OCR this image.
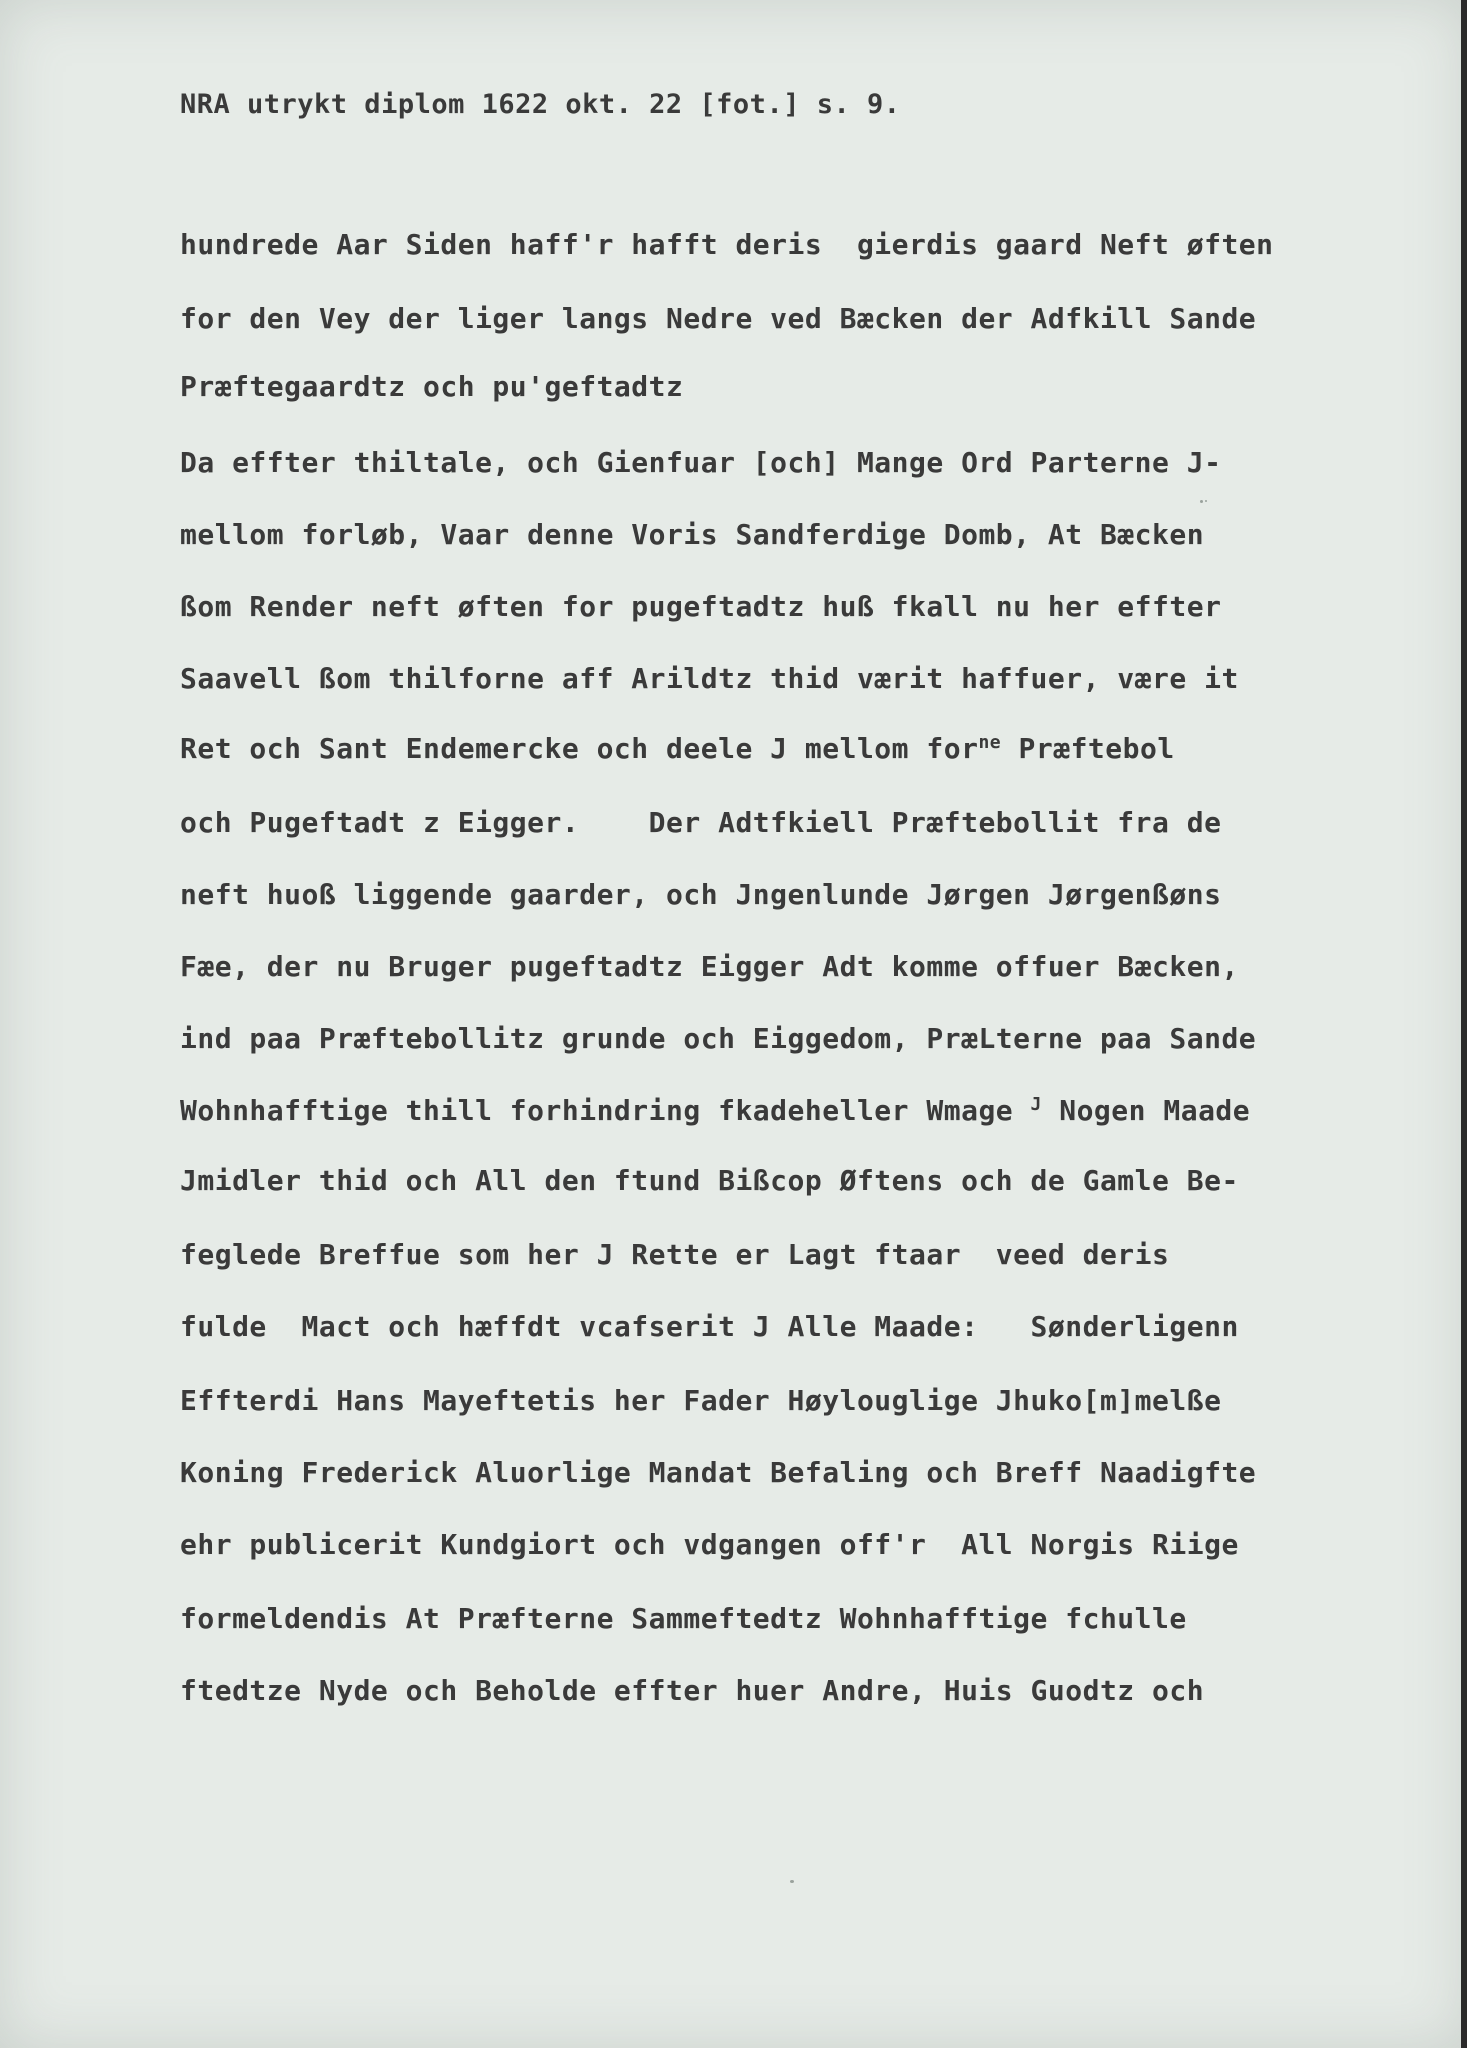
NRA utrykt diplom 1622 okt. 22 [fot.] s. 9.
hundrede Aar Siden haff'r hafft deris  gierdis gaard Neft øften
for den Vey der liger langs Nedre ved Bæcken der Adfkill Sande
Præftegaardtz och pu'geftadtz
Da effter thiltale, och Gienfuar [och] Mange Ord Parterne J-
mellom forløb, Vaar denne Voris Sandferdige Domb, At Bæcken
ßom Render neft øften for pugeftadtz huß fkall nu her effter
Saavell ßom thilforne aff Arildtz thid værit haffuer, være it
Ret och Sant Endemercke och deele J mellom for$^{ne}$ Præftebol
och Pugeftadt z Eigger.    Der Adtfkiell Præftebollit fra de
neft huoß liggende gaarder, och Jngenlunde Jørgen Jørgenßøns
Fæe, der nu Bruger pugeftadtz Eigger Adt komme offuer Bæcken,
ind paa Præftebollitz grunde och Eiggedom, PræLterne paa Sande
Wohnhafftige thill forhindring fkadeheller Wmage $^J$ Nogen Maade
Jmidler thid och All den ftund Bißcop Øftens och de Gamle Be-
feglede Breffue som her J Rette er Lagt ftaar  veed deris
fulde  Mact och hæffdt vcafserit J Alle Maade:   Sønderligenn
Effterdi Hans Mayeftetis her Fader Høylouglige Jhuko[m]melße
Koning Frederick Aluorlige Mandat Befaling och Breff Naadigfte
ehr publicerit Kundgiort och vdgangen off'r  All Norgis Riige
formeldendis At Præfterne Sammeftedtz Wohnhafftige fchulle
ftedtze Nyde och Beholde effter huer Andre, Huis Guodtz och
